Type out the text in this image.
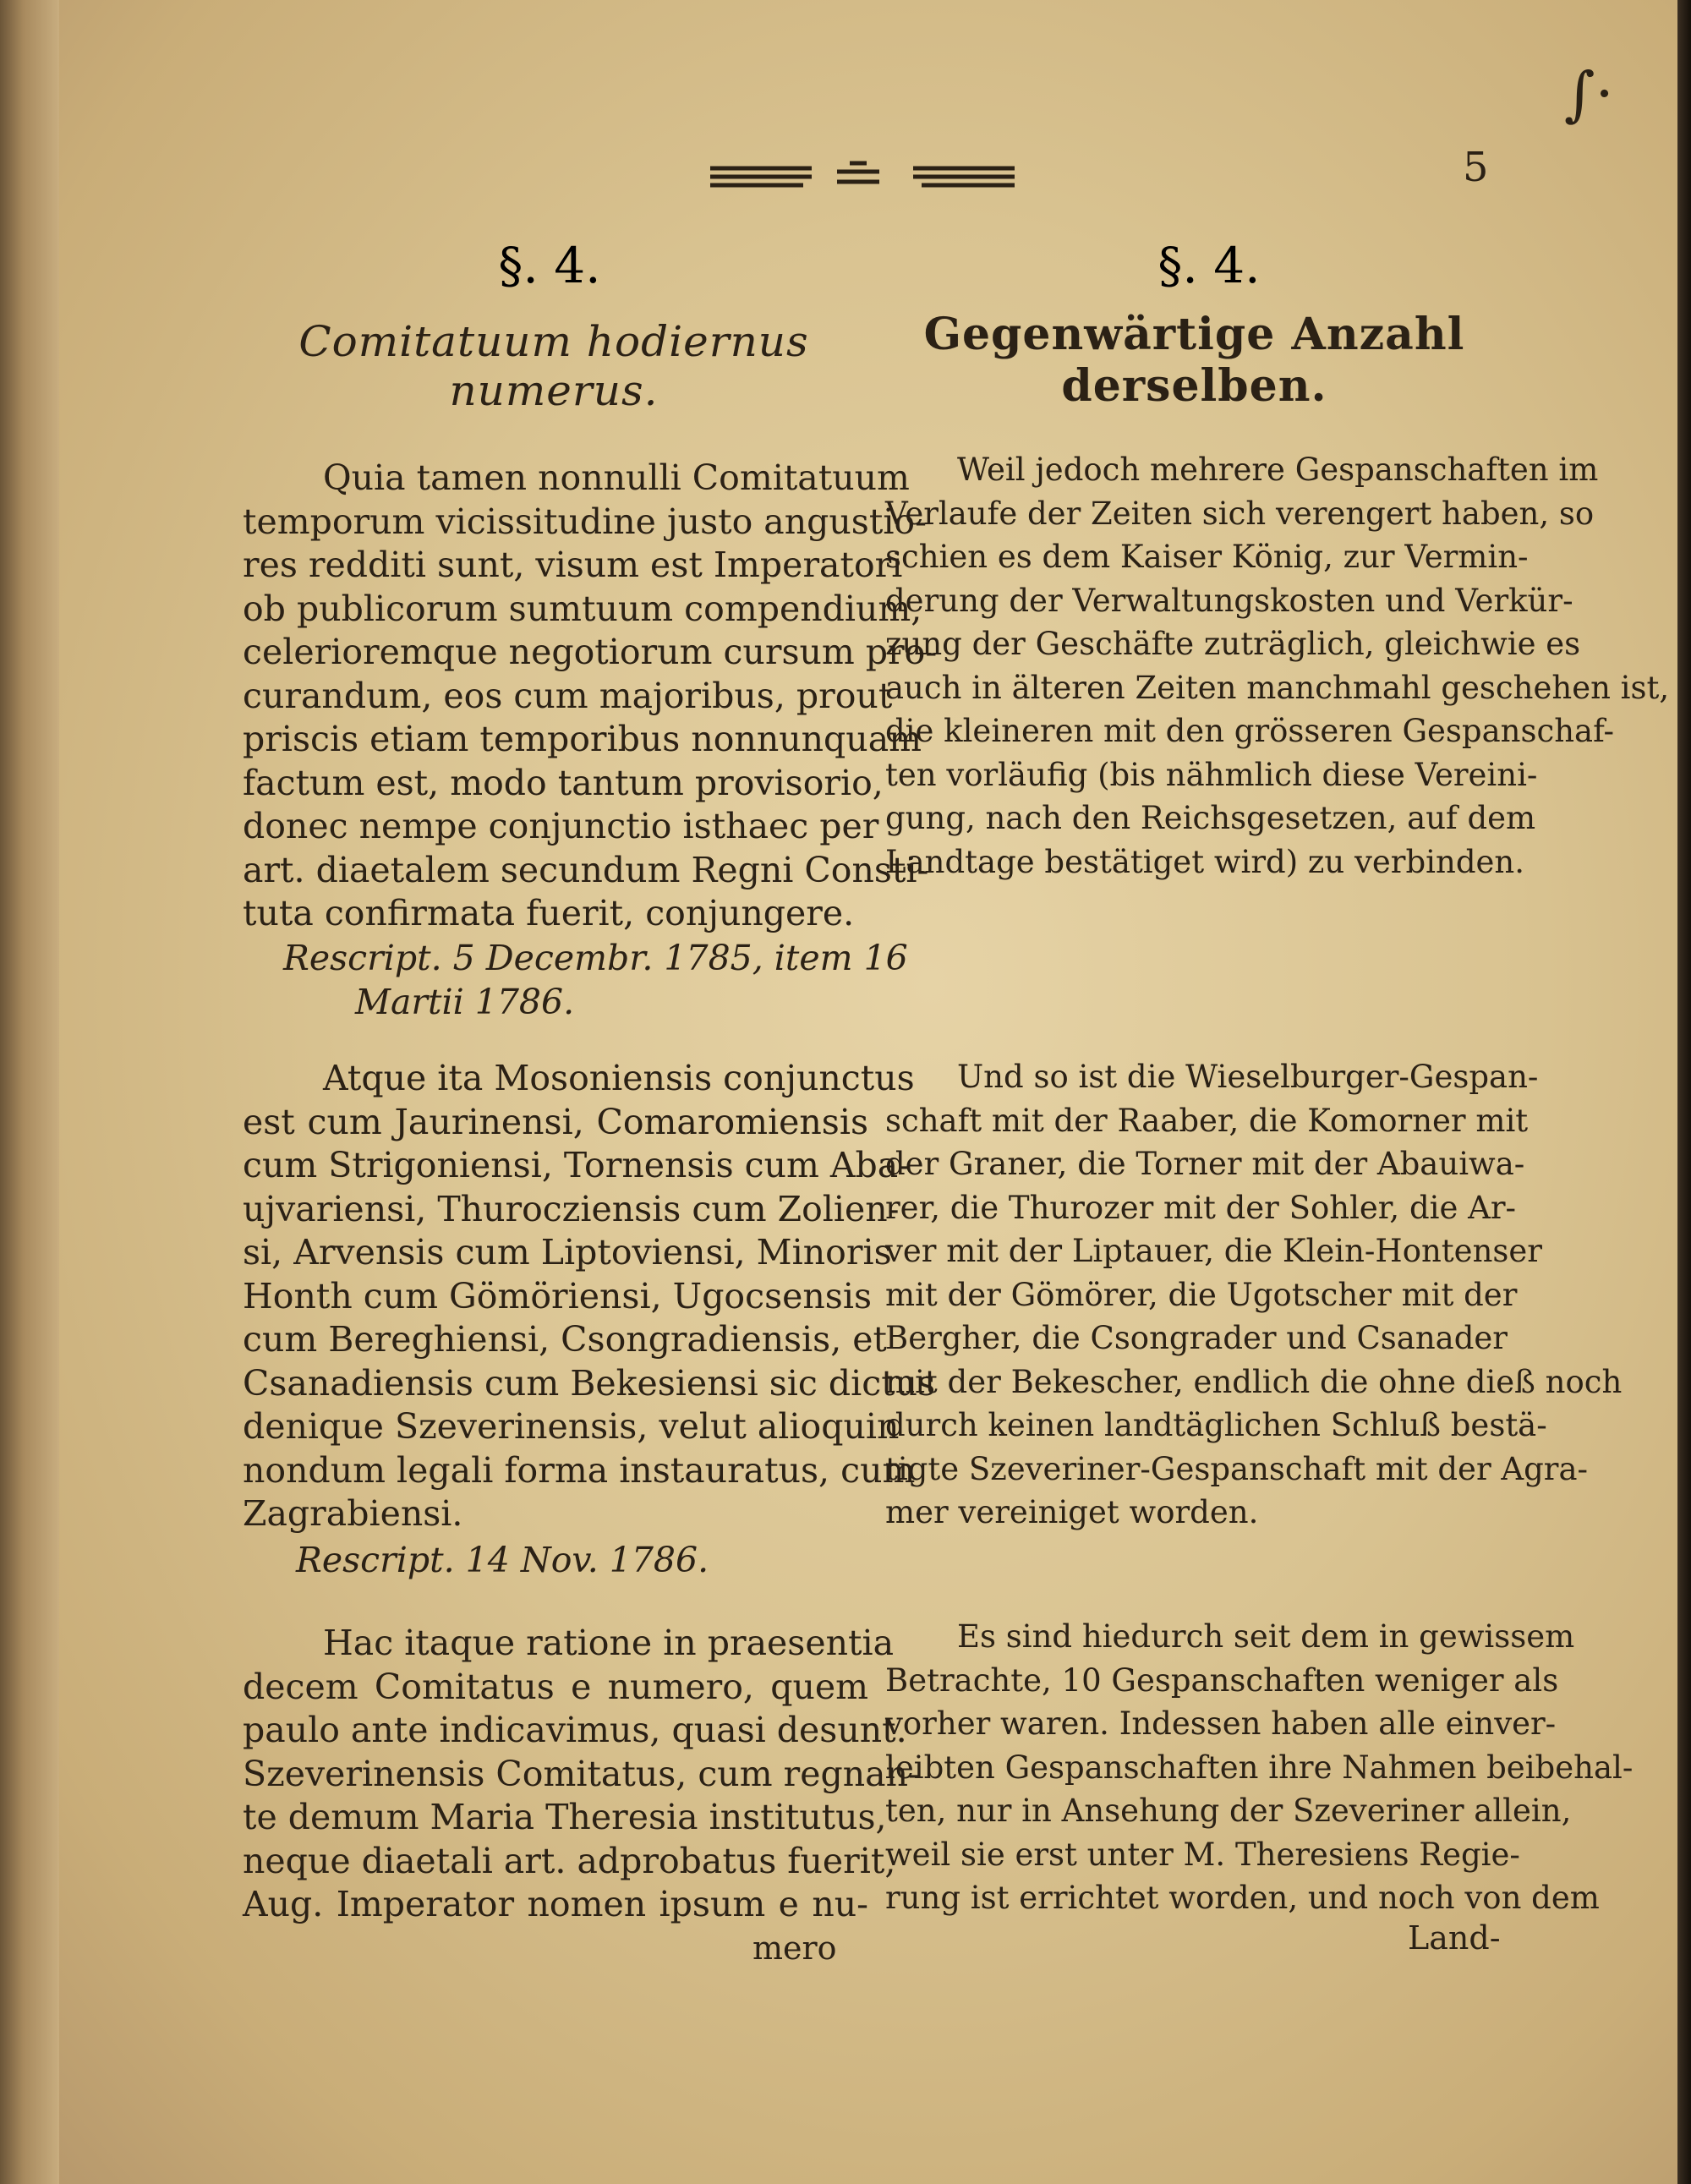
5
∫·
§. 4.
Comitatuum hodiernus numerus.
Quia tamen nonnulli Comitatuum
temporum vicissitudine justo angustio-
res redditi sunt, visum est Imperatori
ob publicorum sumtuum compendium,
celerioremque negotiorum cursum pro-
curandum, eos cum majoribus, prout
priscis etiam temporibus nonnunquam
factum est, modo tantum provisorio,
donec nempe conjunctio isthaec per
art. diaetalem secundum Regni Consti-
tuta confirmata fuerit, conjungere.
Rescript. 5 Decembr. 1785, item 16
Martii 1786.
Atque ita Mosoniensis conjunctus
est cum Jaurinensi, Comaromiensis
cum Strigoniensi, Tornensis cum Aba-
ujvariensi, Thurocziensis cum Zolien-
si, Arvensis cum Liptoviensi, Minoris
Honth cum Gömöriensi, Ugocsensis
cum Bereghiensi, Csongradiensis, et
Csanadiensis cum Bekesiensi sic dictus
denique Szeverinensis, velut alioquin
nondum legali forma instauratus, cum
Zagrabiensi.
Rescript. 14 Nov. 1786.
Hac itaque ratione in praesentia
decem Comitatus e numero, quem
paulo ante indicavimus, quasi desunt.
Szeverinensis Comitatus, cum regnan-
te demum Maria Theresia institutus,
neque diaetali art. adprobatus fuerit,
Aug. Imperator nomen ipsum e nu-
mero
§. 4.
Gegenwärtige Anzahl derselben.
Weil jedoch mehrere Gespanschaften im
Verlaufe der Zeiten sich verengert haben, so
schien es dem Kaiser König, zur Vermin-
derung der Verwaltungskosten und Verkür-
zung der Geschäfte zuträglich, gleichwie es
auch in älteren Zeiten manchmahl geschehen ist,
die kleineren mit den grösseren Gespanschaf-
ten vorläufig (bis nähmlich diese Vereini-
gung, nach den Reichsgesetzen, auf dem
Landtage bestätiget wird) zu verbinden.
Und so ist die Wieselburger-Gespan-
schaft mit der Raaber, die Komorner mit
der Graner, die Torner mit der Abauiwa-
rer, die Thurozer mit der Sohler, die Ar-
ver mit der Liptauer, die Klein-Hontenser
mit der Gömörer, die Ugotscher mit der
Bergher, die Csongrader und Csanader
mit der Bekescher, endlich die ohne dieß noch
durch keinen landtäglichen Schluß bestä-
tigte Szeveriner-Gespanschaft mit der Agra-
mer vereiniget worden.
Es sind hiedurch seit dem in gewissem
Betrachte, 10 Gespanschaften weniger als
vorher waren. Indessen haben alle einver-
leibten Gespanschaften ihre Nahmen beibehal-
ten, nur in Ansehung der Szeveriner allein,
weil sie erst unter M. Theresiens Regie-
rung ist errichtet worden, und noch von dem
Land-
